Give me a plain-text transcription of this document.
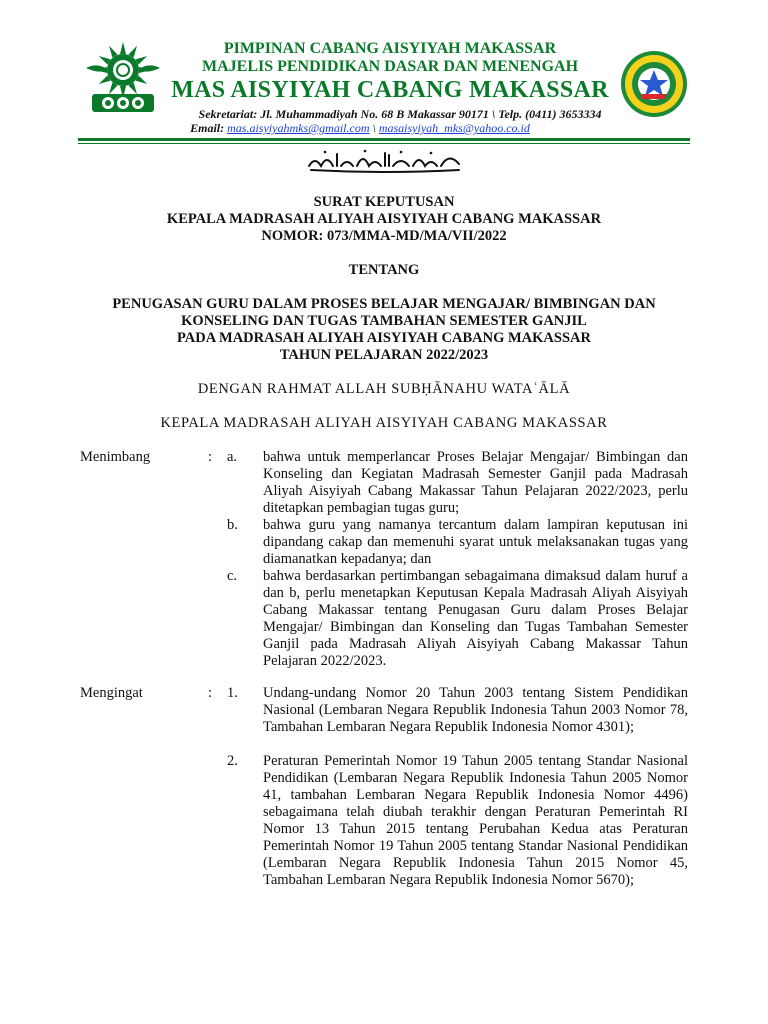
PIMPINAN CABANG AISYIYAH MAKASSAR
MAJELIS PENDIDIKAN DASAR DAN MENENGAH
MAS AISYIYAH CABANG MAKASSAR
Sekretariat: Jl. Muhammadiyah No. 68 B Makassar 90171 \ Telp. (0411) 3653334
Email: mas.aisyiyahmks@gmail.com \ masaisyiyah_mks@yahoo.co.id
SURAT KEPUTUSAN
KEPALA MADRASAH ALIYAH AISYIYAH CABANG MAKASSAR
NOMOR: 073/MMA-MD/MA/VII/2022
TENTANG
PENUGASAN GURU DALAM PROSES BELAJAR MENGAJAR/ BIMBINGAN DAN
KONSELING DAN TUGAS TAMBAHAN SEMESTER GANJIL
PADA MADRASAH ALIYAH AISYIYAH CABANG MAKASSAR
TAHUN PELAJARAN 2022/2023
DENGAN RAHMAT ALLAH SUBḤĀNAHU WATAʿĀLĀ
KEPALA MADRASAH ALIYAH AISYIYAH CABANG MAKASSAR
Menimbang	: a. bahwa untuk memperlancar Proses Belajar Mengajar/ Bimbingan dan Konseling dan Kegiatan Madrasah Semester Ganjil pada Madrasah Aliyah Aisyiyah Cabang Makassar Tahun Pelajaran 2022/2023, perlu ditetapkan pembagian tugas guru;
b. bahwa guru yang namanya tercantum dalam lampiran keputusan ini dipandang cakap dan memenuhi syarat untuk melaksanakan tugas yang diamanatkan kepadanya; dan
c. bahwa berdasarkan pertimbangan sebagaimana dimaksud dalam huruf a dan b, perlu menetapkan Keputusan Kepala Madrasah Aliyah Aisyiyah Cabang Makassar tentang Penugasan Guru dalam Proses Belajar Mengajar/ Bimbingan dan Konseling dan Tugas Tambahan Semester Ganjil pada Madrasah Aliyah Aisyiyah Cabang Makassar Tahun Pelajaran 2022/2023.
Mengingat	: 1. Undang-undang Nomor 20 Tahun 2003 tentang Sistem Pendidikan Nasional (Lembaran Negara Republik Indonesia Tahun 2003 Nomor 78, Tambahan Lembaran Negara Republik Indonesia Nomor 4301);
2. Peraturan Pemerintah Nomor 19 Tahun 2005 tentang Standar Nasional Pendidikan (Lembaran Negara Republik Indonesia Tahun 2005 Nomor 41, tambahan Lembaran Negara Republik Indonesia Nomor 4496) sebagaimana telah diubah terakhir dengan Peraturan Pemerintah RI Nomor 13 Tahun 2015 tentang Perubahan Kedua atas Peraturan Pemerintah Nomor 19 Tahun 2005 tentang Standar Nasional Pendidikan (Lembaran Negara Republik Indonesia Tahun 2015 Nomor 45, Tambahan Lembaran Negara Republik Indonesia Nomor 5670);
